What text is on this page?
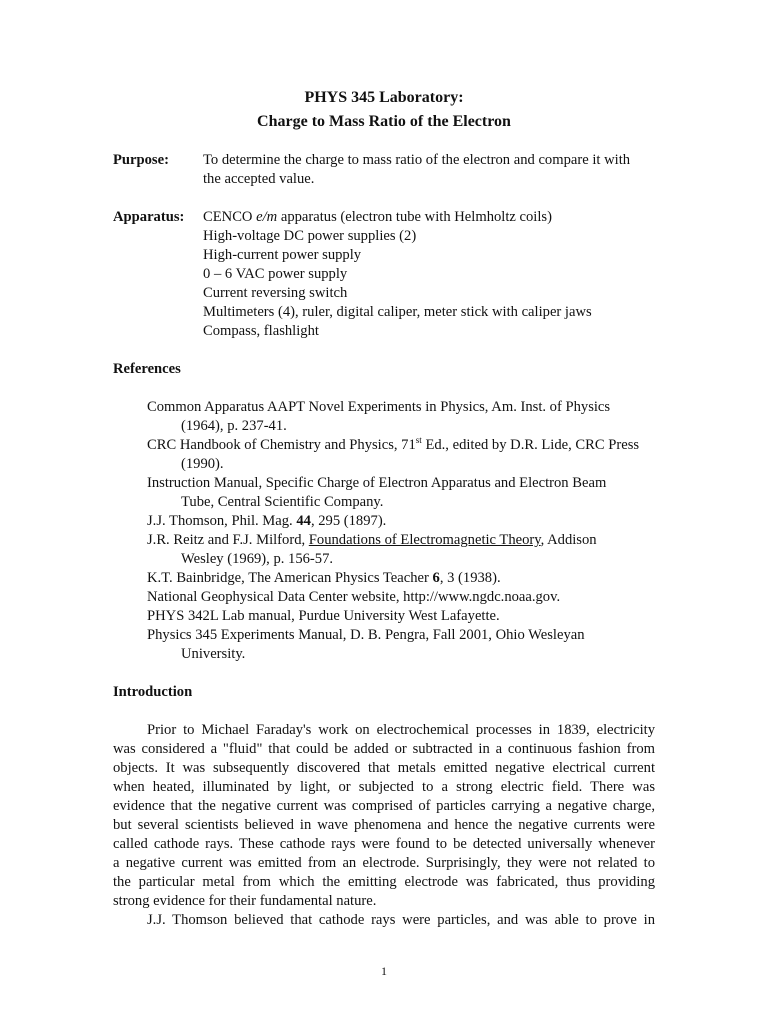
PHYS 345 Laboratory:
Charge to Mass Ratio of the Electron
Purpose: To determine the charge to mass ratio of the electron and compare it with
the accepted value.
Apparatus: CENCO e/m apparatus (electron tube with Helmholtz coils)
High-voltage DC power supplies (2)
High-current power supply
0 – 6 VAC power supply
Current reversing switch
Multimeters (4), ruler, digital caliper, meter stick with caliper jaws
Compass, flashlight
References
Common Apparatus AAPT Novel Experiments in Physics, Am. Inst. of Physics
(1964), p. 237-41.
CRC Handbook of Chemistry and Physics, 71st Ed., edited by D.R. Lide, CRC Press
(1990).
Instruction Manual, Specific Charge of Electron Apparatus and Electron Beam
Tube, Central Scientific Company.
J.J. Thomson, Phil. Mag. 44, 295 (1897).
J.R. Reitz and F.J. Milford, Foundations of Electromagnetic Theory, Addison
Wesley (1969), p. 156-57.
K.T. Bainbridge, The American Physics Teacher 6, 3 (1938).
National Geophysical Data Center website, http://www.ngdc.noaa.gov.
PHYS 342L Lab manual, Purdue University West Lafayette.
Physics 345 Experiments Manual, D. B. Pengra, Fall 2001, Ohio Wesleyan
University.
Introduction
Prior to Michael Faraday's work on electrochemical processes in 1839, electricity
was considered a "fluid" that could be added or subtracted in a continuous fashion from
objects. It was subsequently discovered that metals emitted negative electrical current
when heated, illuminated by light, or subjected to a strong electric field. There was
evidence that the negative current was comprised of particles carrying a negative charge,
but several scientists believed in wave phenomena and hence the negative currents were
called cathode rays. These cathode rays were found to be detected universally whenever
a negative current was emitted from an electrode. Surprisingly, they were not related to
the particular metal from which the emitting electrode was fabricated, thus providing
strong evidence for their fundamental nature.
J.J. Thomson believed that cathode rays were particles, and was able to prove in
1
